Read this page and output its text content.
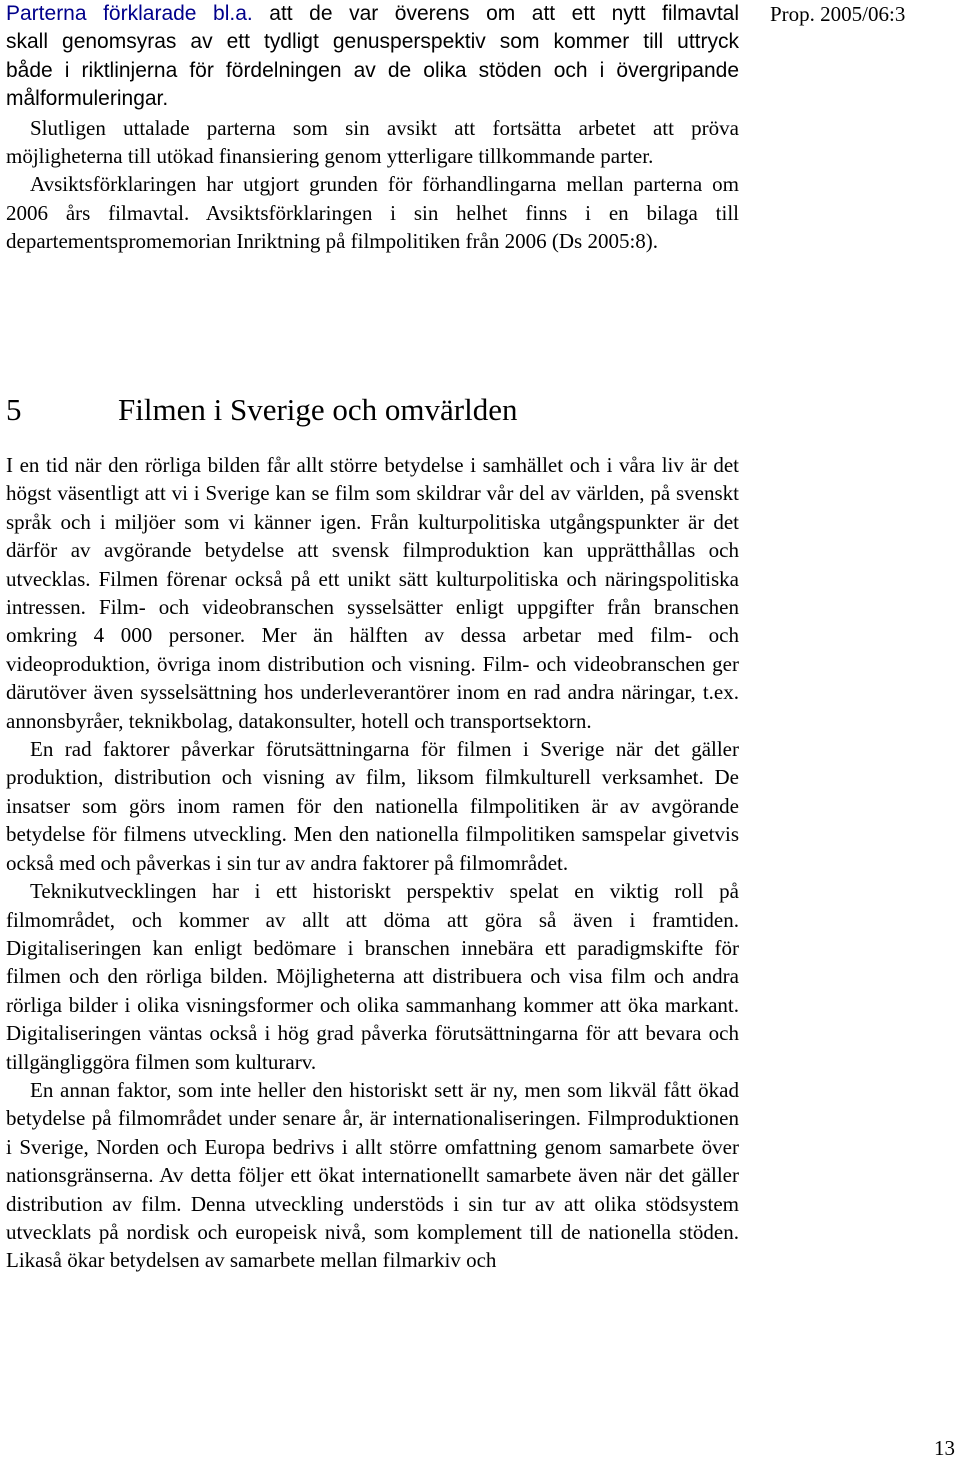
Parterna förklarade bl.a. att de var överens om att ett nytt filmavtal
skall genomsyras av ett tydligt genusperspektiv som kommer till uttryck
både i riktlinjerna för fördelningen av de olika stöden och i övergripande
målformuleringar.

Slutligen uttalade parterna som sin avsikt att fortsätta arbetet att pröva möjligheterna till utökad finansiering genom ytterligare tillkommande parter.

Avsiktsförklaringen har utgjort grunden för förhandlingarna mellan parterna om 2006 års filmavtal. Avsiktsförklaringen i sin helhet finns i en bilaga till departementspromemorian Inriktning på filmpolitiken från 2006 (Ds 2005:8).

Prop. 2005/06:3
5	Filmen i Sverige och omvärlden

I en tid när den rörliga bilden får allt större betydelse i samhället och i våra liv är det högst väsentligt att vi i Sverige kan se film som skildrar vår del av världen, på svenskt språk och i miljöer som vi känner igen. Från kulturpolitiska utgångspunkter är det därför av avgörande betydelse att svensk filmproduktion kan upprätthållas och utvecklas. Filmen förenar också på ett unikt sätt kulturpolitiska och näringspolitiska intressen. Film- och videobranschen sysselsätter enligt uppgifter från branschen omkring 4 000 personer. Mer än hälften av dessa arbetar med film- och videoproduktion, övriga inom distribution och visning. Film- och videobranschen ger därutöver även sysselsättning hos underleverantörer inom en rad andra näringar, t.ex. annonsbyråer, teknikbolag, datakonsulter, hotell och transportsektorn.

En rad faktorer påverkar förutsättningarna för filmen i Sverige när det gäller produktion, distribution och visning av film, liksom filmkulturell verksamhet. De insatser som görs inom ramen för den nationella filmpolitiken är av avgörande betydelse för filmens utveckling. Men den nationella filmpolitiken samspelar givetvis också med och påverkas i sin tur av andra faktorer på filmområdet.

Teknikutvecklingen har i ett historiskt perspektiv spelat en viktig roll på filmområdet, och kommer av allt att döma att göra så även i framtiden. Digitaliseringen kan enligt bedömare i branschen innebära ett paradigmskifte för filmen och den rörliga bilden. Möjligheterna att distribuera och visa film och andra rörliga bilder i olika visningsformer och olika sammanhang kommer att öka markant. Digitaliseringen väntas också i hög grad påverka förutsättningarna för att bevara och tillgängliggöra filmen som kulturarv.

En annan faktor, som inte heller den historiskt sett är ny, men som likväl fått ökad betydelse på filmområdet under senare år, är internationaliseringen. Filmproduktionen i Sverige, Norden och Europa bedrivs i allt större omfattning genom samarbete över nationsgränserna. Av detta följer ett ökat internationellt samarbete även när det gäller distribution av film. Denna utveckling understöds i sin tur av att olika stödsystem utvecklats på nordisk och europeisk nivå, som komplement till de nationella stöden. Likaså ökar betydelsen av samarbete mellan filmarkiv och

13
